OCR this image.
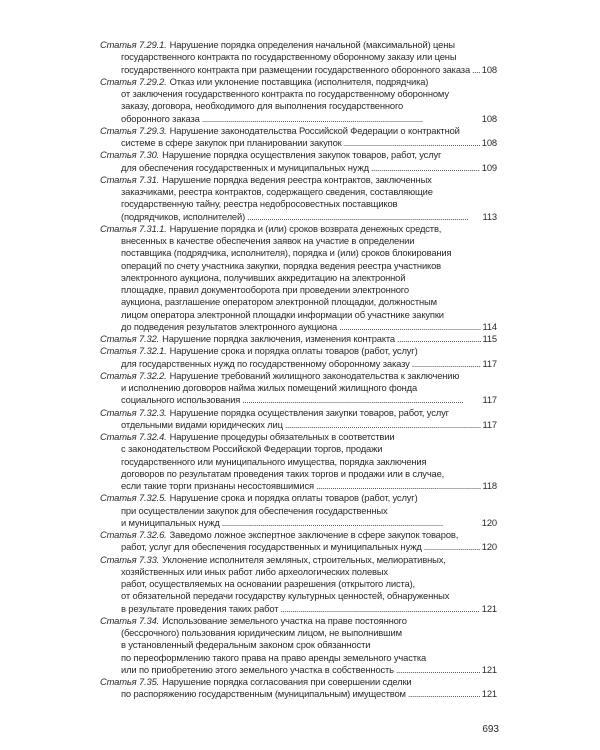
Статья 7.29.1. Нарушение порядка определения начальной (максимальной) цены
государственного контракта по государственному оборонному заказу или цены
государственного контракта при размещении государственного оборонного заказа . . . 108
Статья 7.29.2. Отказ или уклонение поставщика (исполнителя, подрядчика)
от заключения государственного контракта по государственному оборонному
заказу, договора, необходимого для выполнения государственного
оборонного заказа . . .	108
Статья 7.29.3. Нарушение законодательства Российской Федерации о контрактной
системе в сфере закупок при планировании закупок . . .	108
Статья 7.30. Нарушение порядка осуществления закупок товаров, работ, услуг
для обеспечения государственных и муниципальных нужд . . .	109
Статья 7.31. Нарушение порядка ведения реестра контрактов, заключенных
заказчиками, реестра контрактов, содержащего сведения, составляющие
государственную тайну, реестра недобросовестных поставщиков
(подрядчиков, исполнителей) . . .	113
Статья 7.31.1. Нарушение порядка и (или) сроков возврата денежных средств,
внесенных в качестве обеспечения заявок на участие в определении
поставщика (подрядчика, исполнителя), порядка и (или) сроков блокирования
операций по счету участника закупки, порядка ведения реестра участников
электронного аукциона, получивших аккредитацию на электронной
площадке, правил документооборота при проведении электронного
аукциона, разглашение оператором электронной площадки, должностным
лицом оператора электронной площадки информации об участнике закупки
до подведения результатов электронного аукциона . . .	114
Статья 7.32. Нарушение порядка заключения, изменения контракта . . .	115
Статья 7.32.1. Нарушение срока и порядка оплаты товаров (работ, услуг)
для государственных нужд по государственному оборонному заказу . . .	117
Статья 7.32.2. Нарушение требований жилищного законодательства к заключению
и исполнению договоров найма жилых помещений жилищного фонда
социального использования . . .	117
Статья 7.32.3. Нарушение порядка осуществления закупки товаров, работ, услуг
отдельными видами юридических лиц . . .	117
Статья 7.32.4. Нарушение процедуры обязательных в соответствии
с законодательством Российской Федерации торгов, продажи
государственного или муниципального имущества, порядка заключения
договоров по результатам проведения таких торгов и продажи или в случае,
если такие торги признаны несостоявшимися . . .	118
Статья 7.32.5. Нарушение срока и порядка оплаты товаров (работ, услуг)
при осуществлении закупок для обеспечения государственных
и муниципальных нужд . . .	120
Статья 7.32.6. Заведомо ложное экспертное заключение в сфере закупок товаров,
работ, услуг для обеспечения государственных и муниципальных нужд . . .	120
Статья 7.33. Уклонение исполнителя земляных, строительных, мелиоративных,
хозяйственных или иных работ либо археологических полевых
работ, осуществляемых на основании разрешения (открытого листа),
от обязательной передачи государству культурных ценностей, обнаруженных
в результате проведения таких работ . . .	121
Статья 7.34. Использование земельного участка на праве постоянного
(бессрочного) пользования юридическим лицом, не выполнившим
в установленный федеральным законом срок обязанности
по переоформлению такого права на право аренды земельного участка
или по приобретению этого земельного участка в собственность . . .	121
Статья 7.35. Нарушение порядка согласования при совершении сделки
по распоряжению государственным (муниципальным) имуществом . . .	121
693
